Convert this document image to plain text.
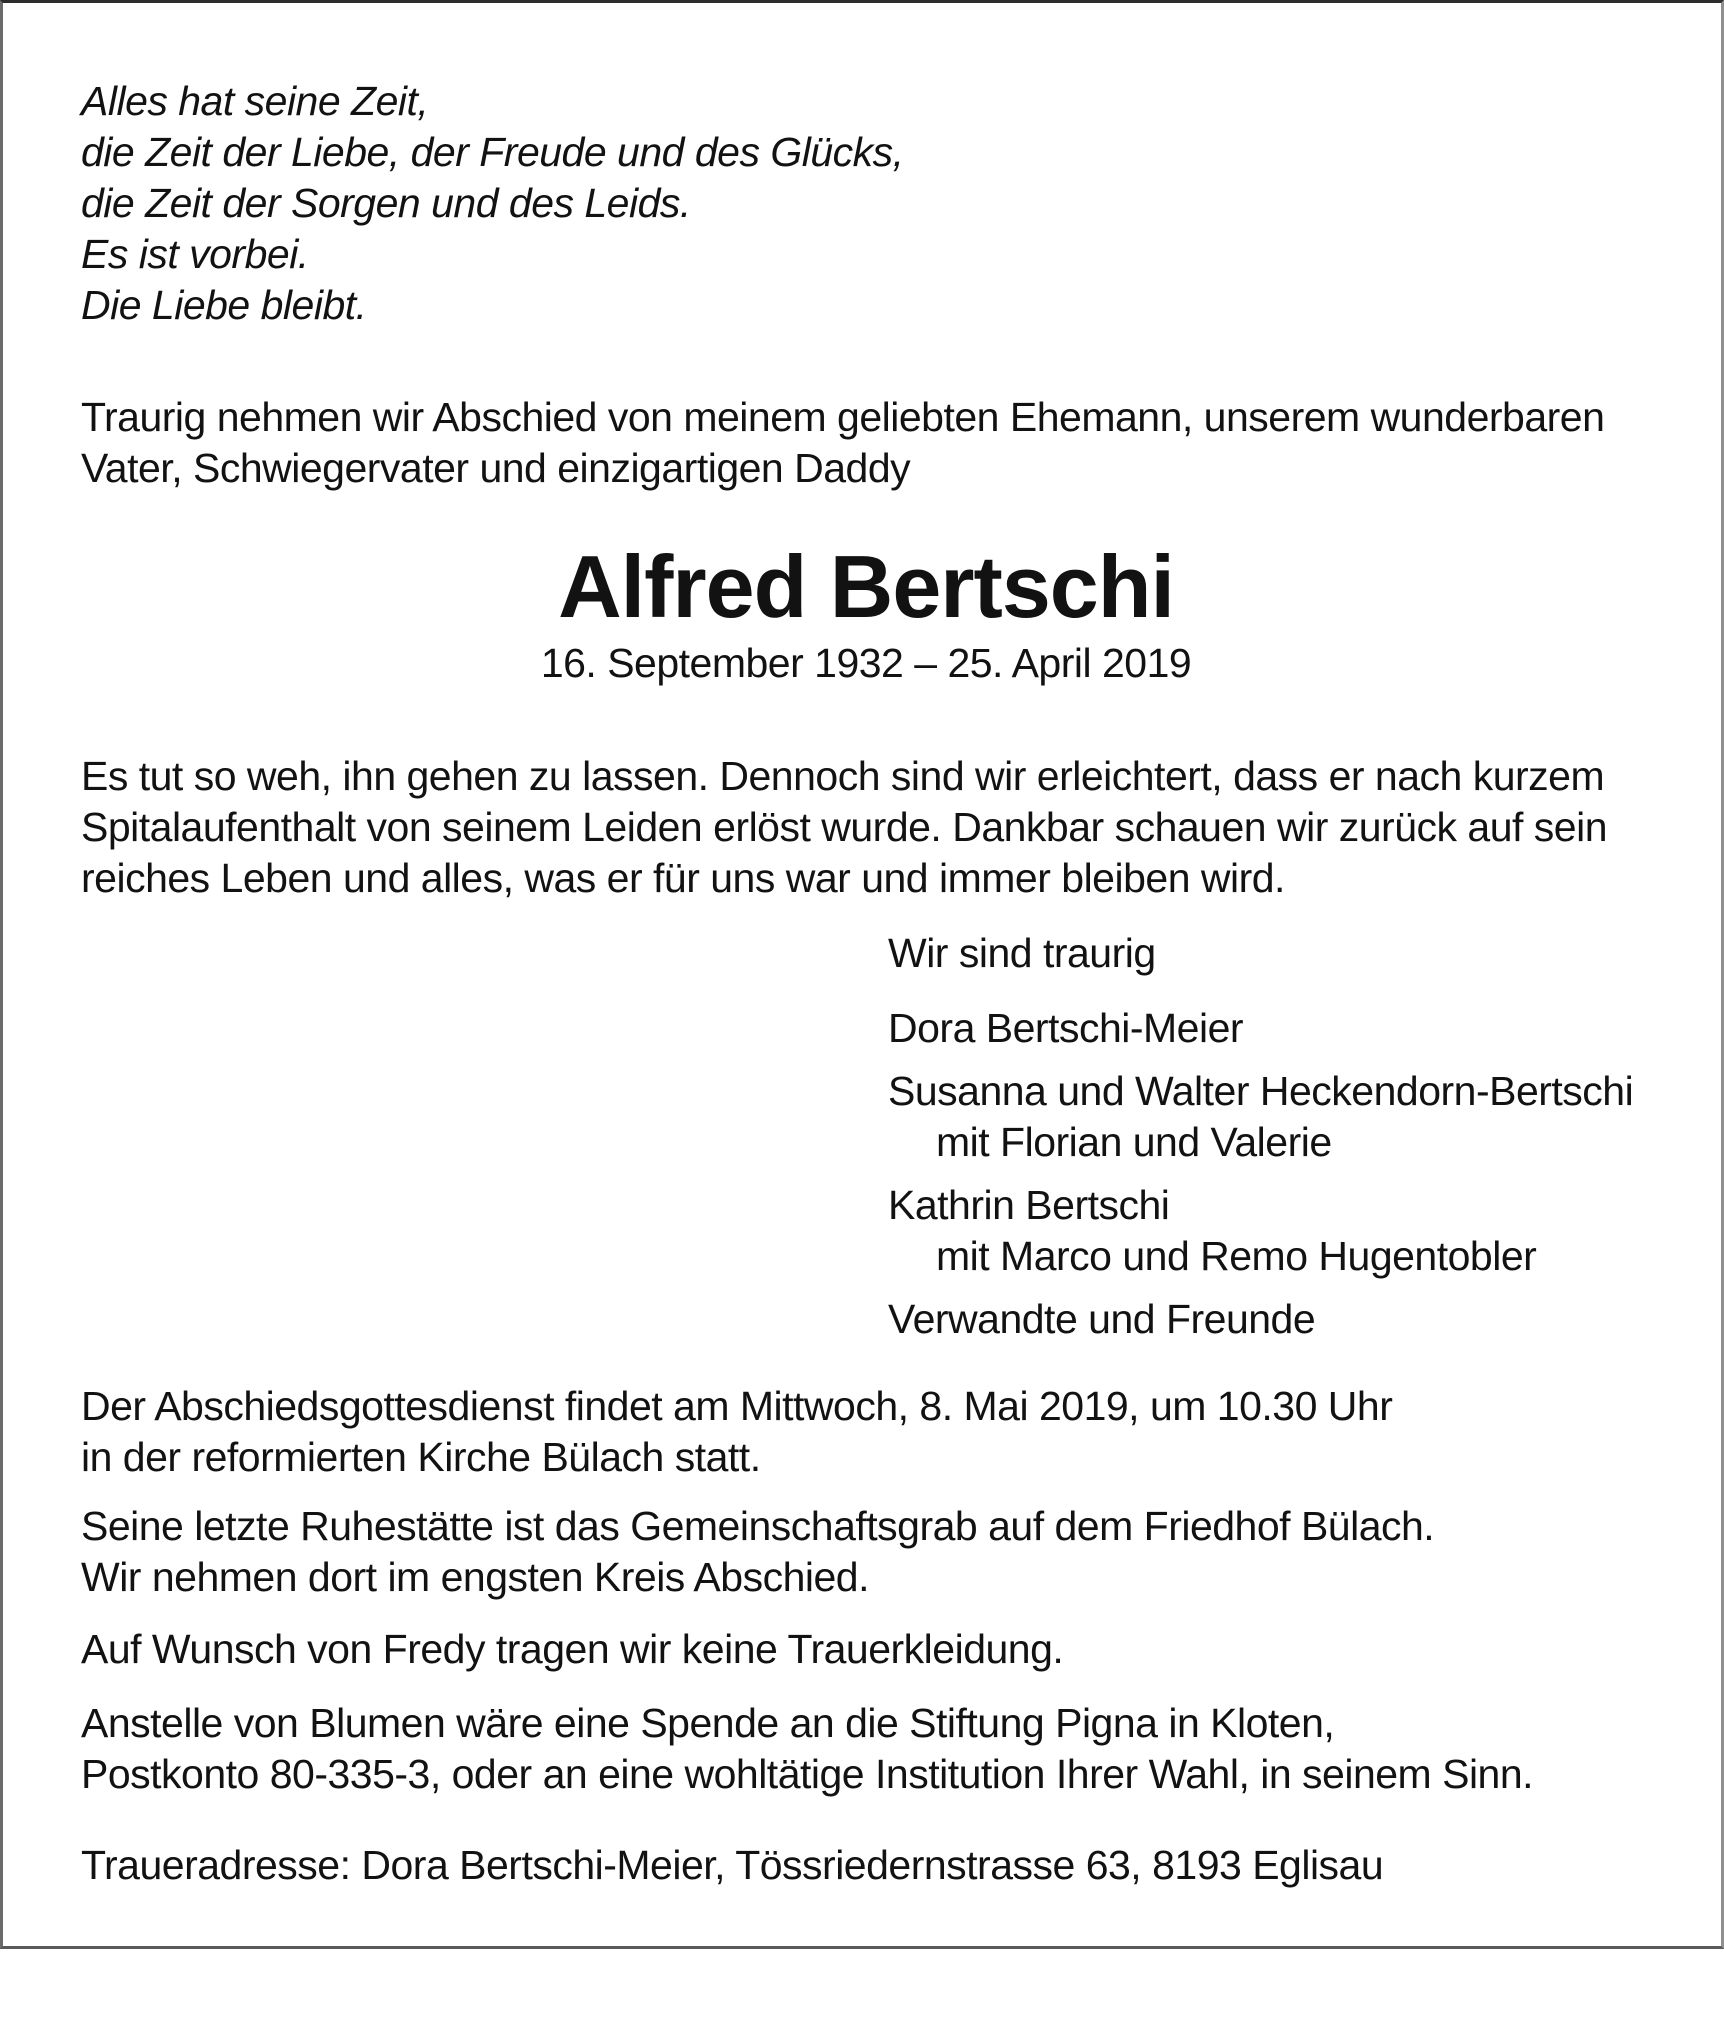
Alles hat seine Zeit,
die Zeit der Liebe, der Freude und des Glücks,
die Zeit der Sorgen und des Leids.
Es ist vorbei.
Die Liebe bleibt.
Traurig nehmen wir Abschied von meinem geliebten Ehemann, unserem wunderbaren
Vater, Schwiegervater und einzigartigen Daddy
Alfred Bertschi
16. September 1932 – 25. April 2019
Es tut so weh, ihn gehen zu lassen. Dennoch sind wir erleichtert, dass er nach kurzem
Spitalaufenthalt von seinem Leiden erlöst wurde. Dankbar schauen wir zurück auf sein
reiches Leben und alles, was er für uns war und immer bleiben wird.
Wir sind traurig
Dora Bertschi-Meier
Susanna und Walter Heckendorn-Bertschi
mit Florian und Valerie
Kathrin Bertschi
mit Marco und Remo Hugentobler
Verwandte und Freunde
Der Abschiedsgottesdienst findet am Mittwoch, 8. Mai 2019, um 10.30 Uhr
in der reformierten Kirche Bülach statt.
Seine letzte Ruhestätte ist das Gemeinschaftsgrab auf dem Friedhof Bülach.
Wir nehmen dort im engsten Kreis Abschied.
Auf Wunsch von Fredy tragen wir keine Trauerkleidung.
Anstelle von Blumen wäre eine Spende an die Stiftung Pigna in Kloten,
Postkonto 80-335-3, oder an eine wohltätige Institution Ihrer Wahl, in seinem Sinn.
Traueradresse: Dora Bertschi-Meier, Tössriedernstrasse 63, 8193 Eglisau
